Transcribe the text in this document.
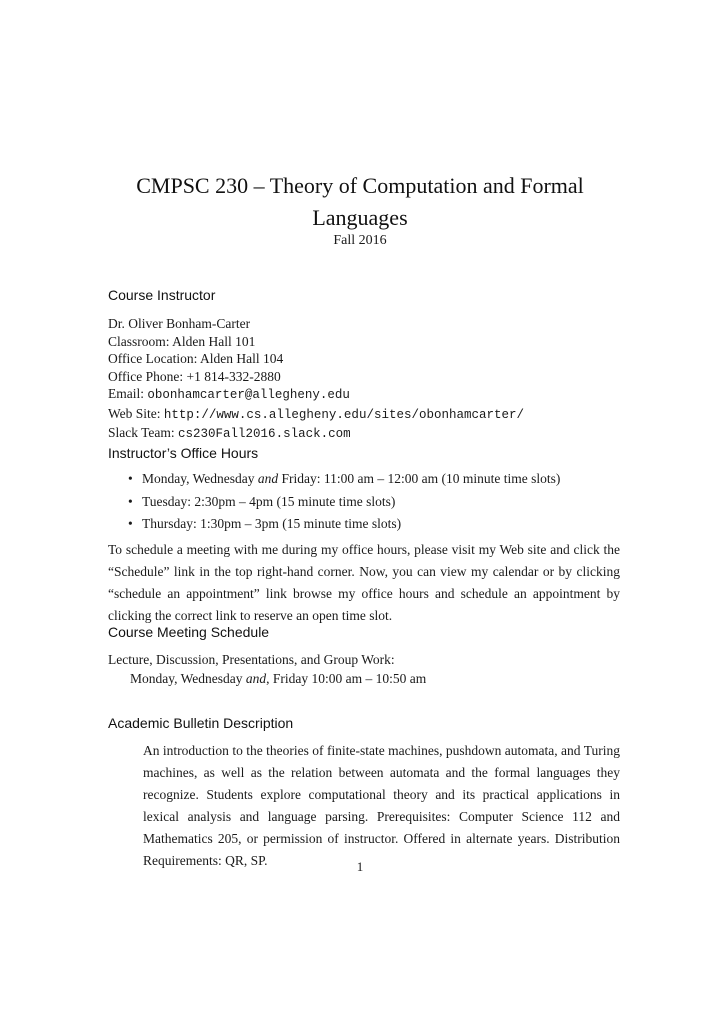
CMPSC 230 – Theory of Computation and Formal Languages
Fall 2016
Course Instructor
Dr. Oliver Bonham-Carter
Classroom: Alden Hall 101
Office Location: Alden Hall 104
Office Phone: +1 814-332-2880
Email: obonhamcarter@allegheny.edu
Web Site: http://www.cs.allegheny.edu/sites/obonhamcarter/
Slack Team: cs230Fall2016.slack.com
Instructor’s Office Hours
• Monday, Wednesday and Friday: 11:00 am – 12:00 am (10 minute time slots)
• Tuesday: 2:30pm – 4pm (15 minute time slots)
• Thursday: 1:30pm – 3pm (15 minute time slots)
To schedule a meeting with me during my office hours, please visit my Web site and click the “Schedule” link in the top right-hand corner. Now, you can view my calendar or by clicking “schedule an appointment” link browse my office hours and schedule an appointment by clicking the correct link to reserve an open time slot.
Course Meeting Schedule
Lecture, Discussion, Presentations, and Group Work:
Monday, Wednesday and, Friday 10:00 am – 10:50 am
Academic Bulletin Description
An introduction to the theories of finite-state machines, pushdown automata, and Turing machines, as well as the relation between automata and the formal languages they recognize. Students explore computational theory and its practical applications in lexical analysis and language parsing. Prerequisites: Computer Science 112 and Mathematics 205, or permission of instructor. Offered in alternate years. Distribution Requirements: QR, SP.	1
